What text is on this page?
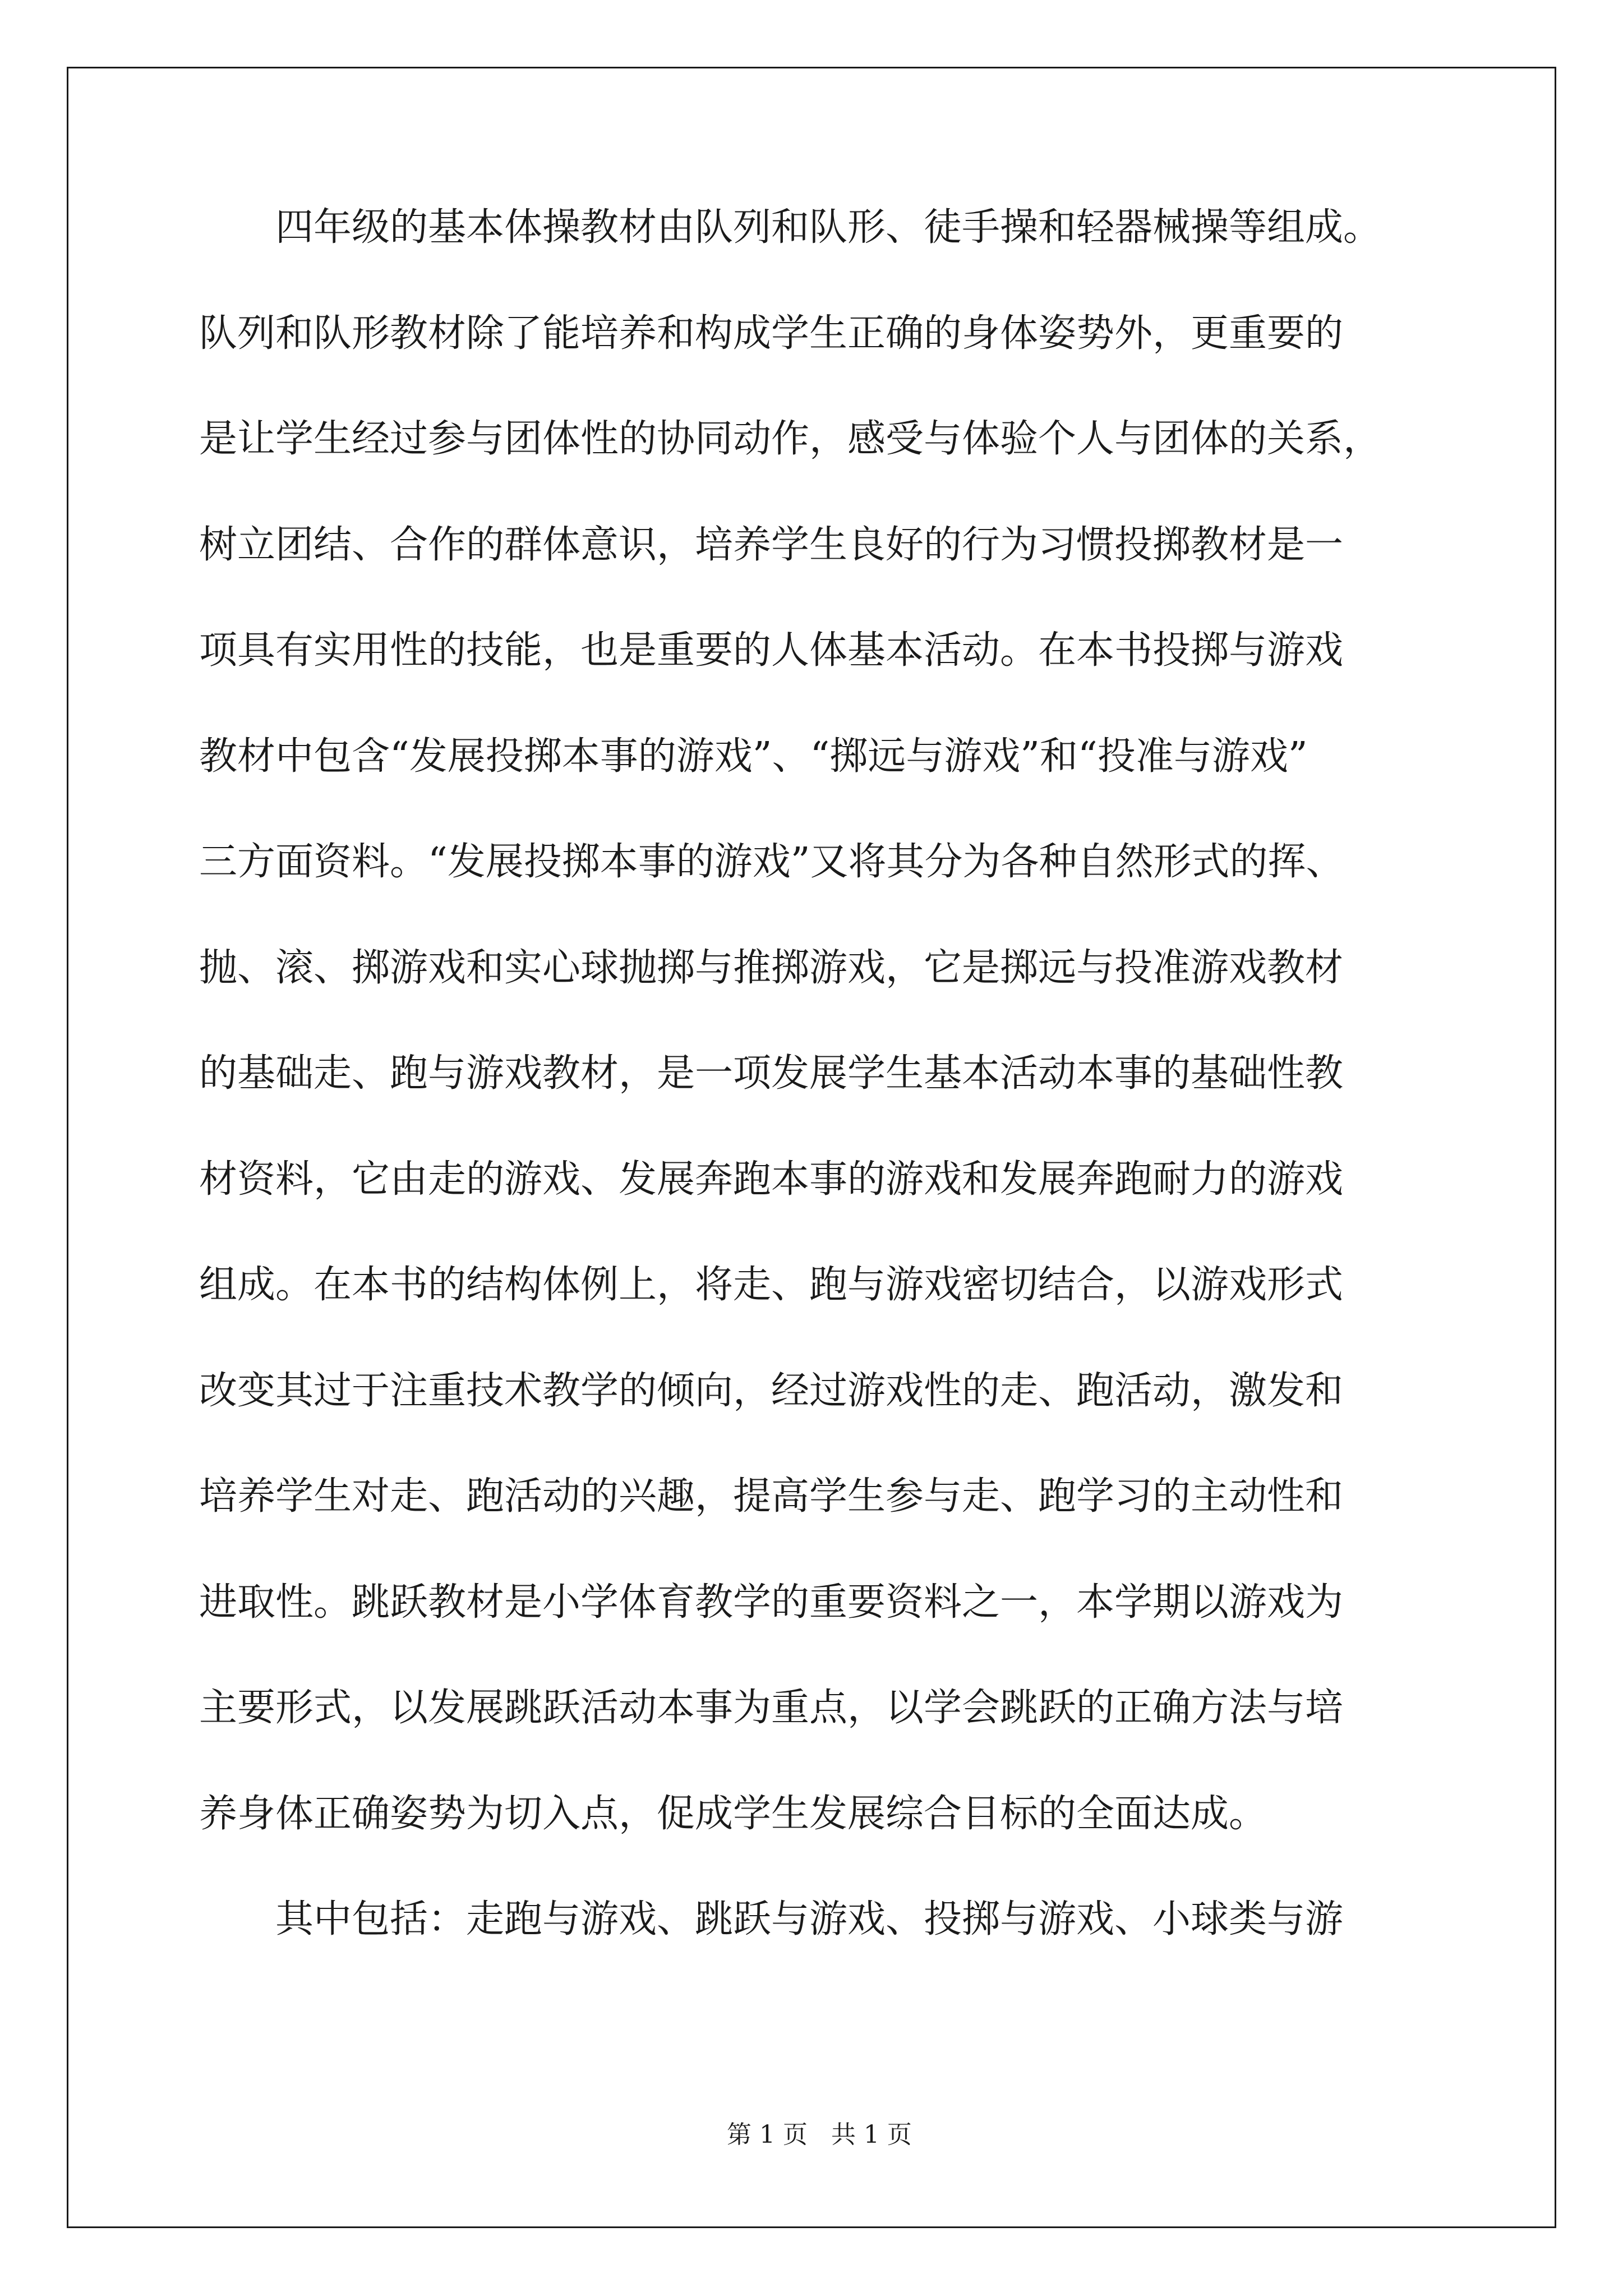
四年级的基本体操教材由队列和队形、徒手操和轻器械操等组成。
队列和队形教材除了能培养和构成学生正确的身体姿势外，更重要的
是让学生经过参与团体性的协同动作，感受与体验个人与团体的关系，
树立团结、合作的群体意识，培养学生良好的行为习惯投掷教材是一
项具有实用性的技能，也是重要的人体基本活动。在本书投掷与游戏
教材中包含“发展投掷本事的游戏”、“掷远与游戏”和“投准与游戏”
三方面资料。“发展投掷本事的游戏”又将其分为各种自然形式的挥、
抛、滚、掷游戏和实心球抛掷与推掷游戏，它是掷远与投准游戏教材
的基础走、跑与游戏教材，是一项发展学生基本活动本事的基础性教
材资料，它由走的游戏、发展奔跑本事的游戏和发展奔跑耐力的游戏
组成。在本书的结构体例上，将走、跑与游戏密切结合，以游戏形式
改变其过于注重技术教学的倾向，经过游戏性的走、跑活动，激发和
培养学生对走、跑活动的兴趣，提高学生参与走、跑学习的主动性和
进取性。跳跃教材是小学体育教学的重要资料之一，本学期以游戏为
主要形式，以发展跳跃活动本事为重点，以学会跳跃的正确方法与培
养身体正确姿势为切入点，促成学生发展综合目标的全面达成。
其中包括：走跑与游戏、跳跃与游戏、投掷与游戏、小球类与游

第 1 页   共 1 页
